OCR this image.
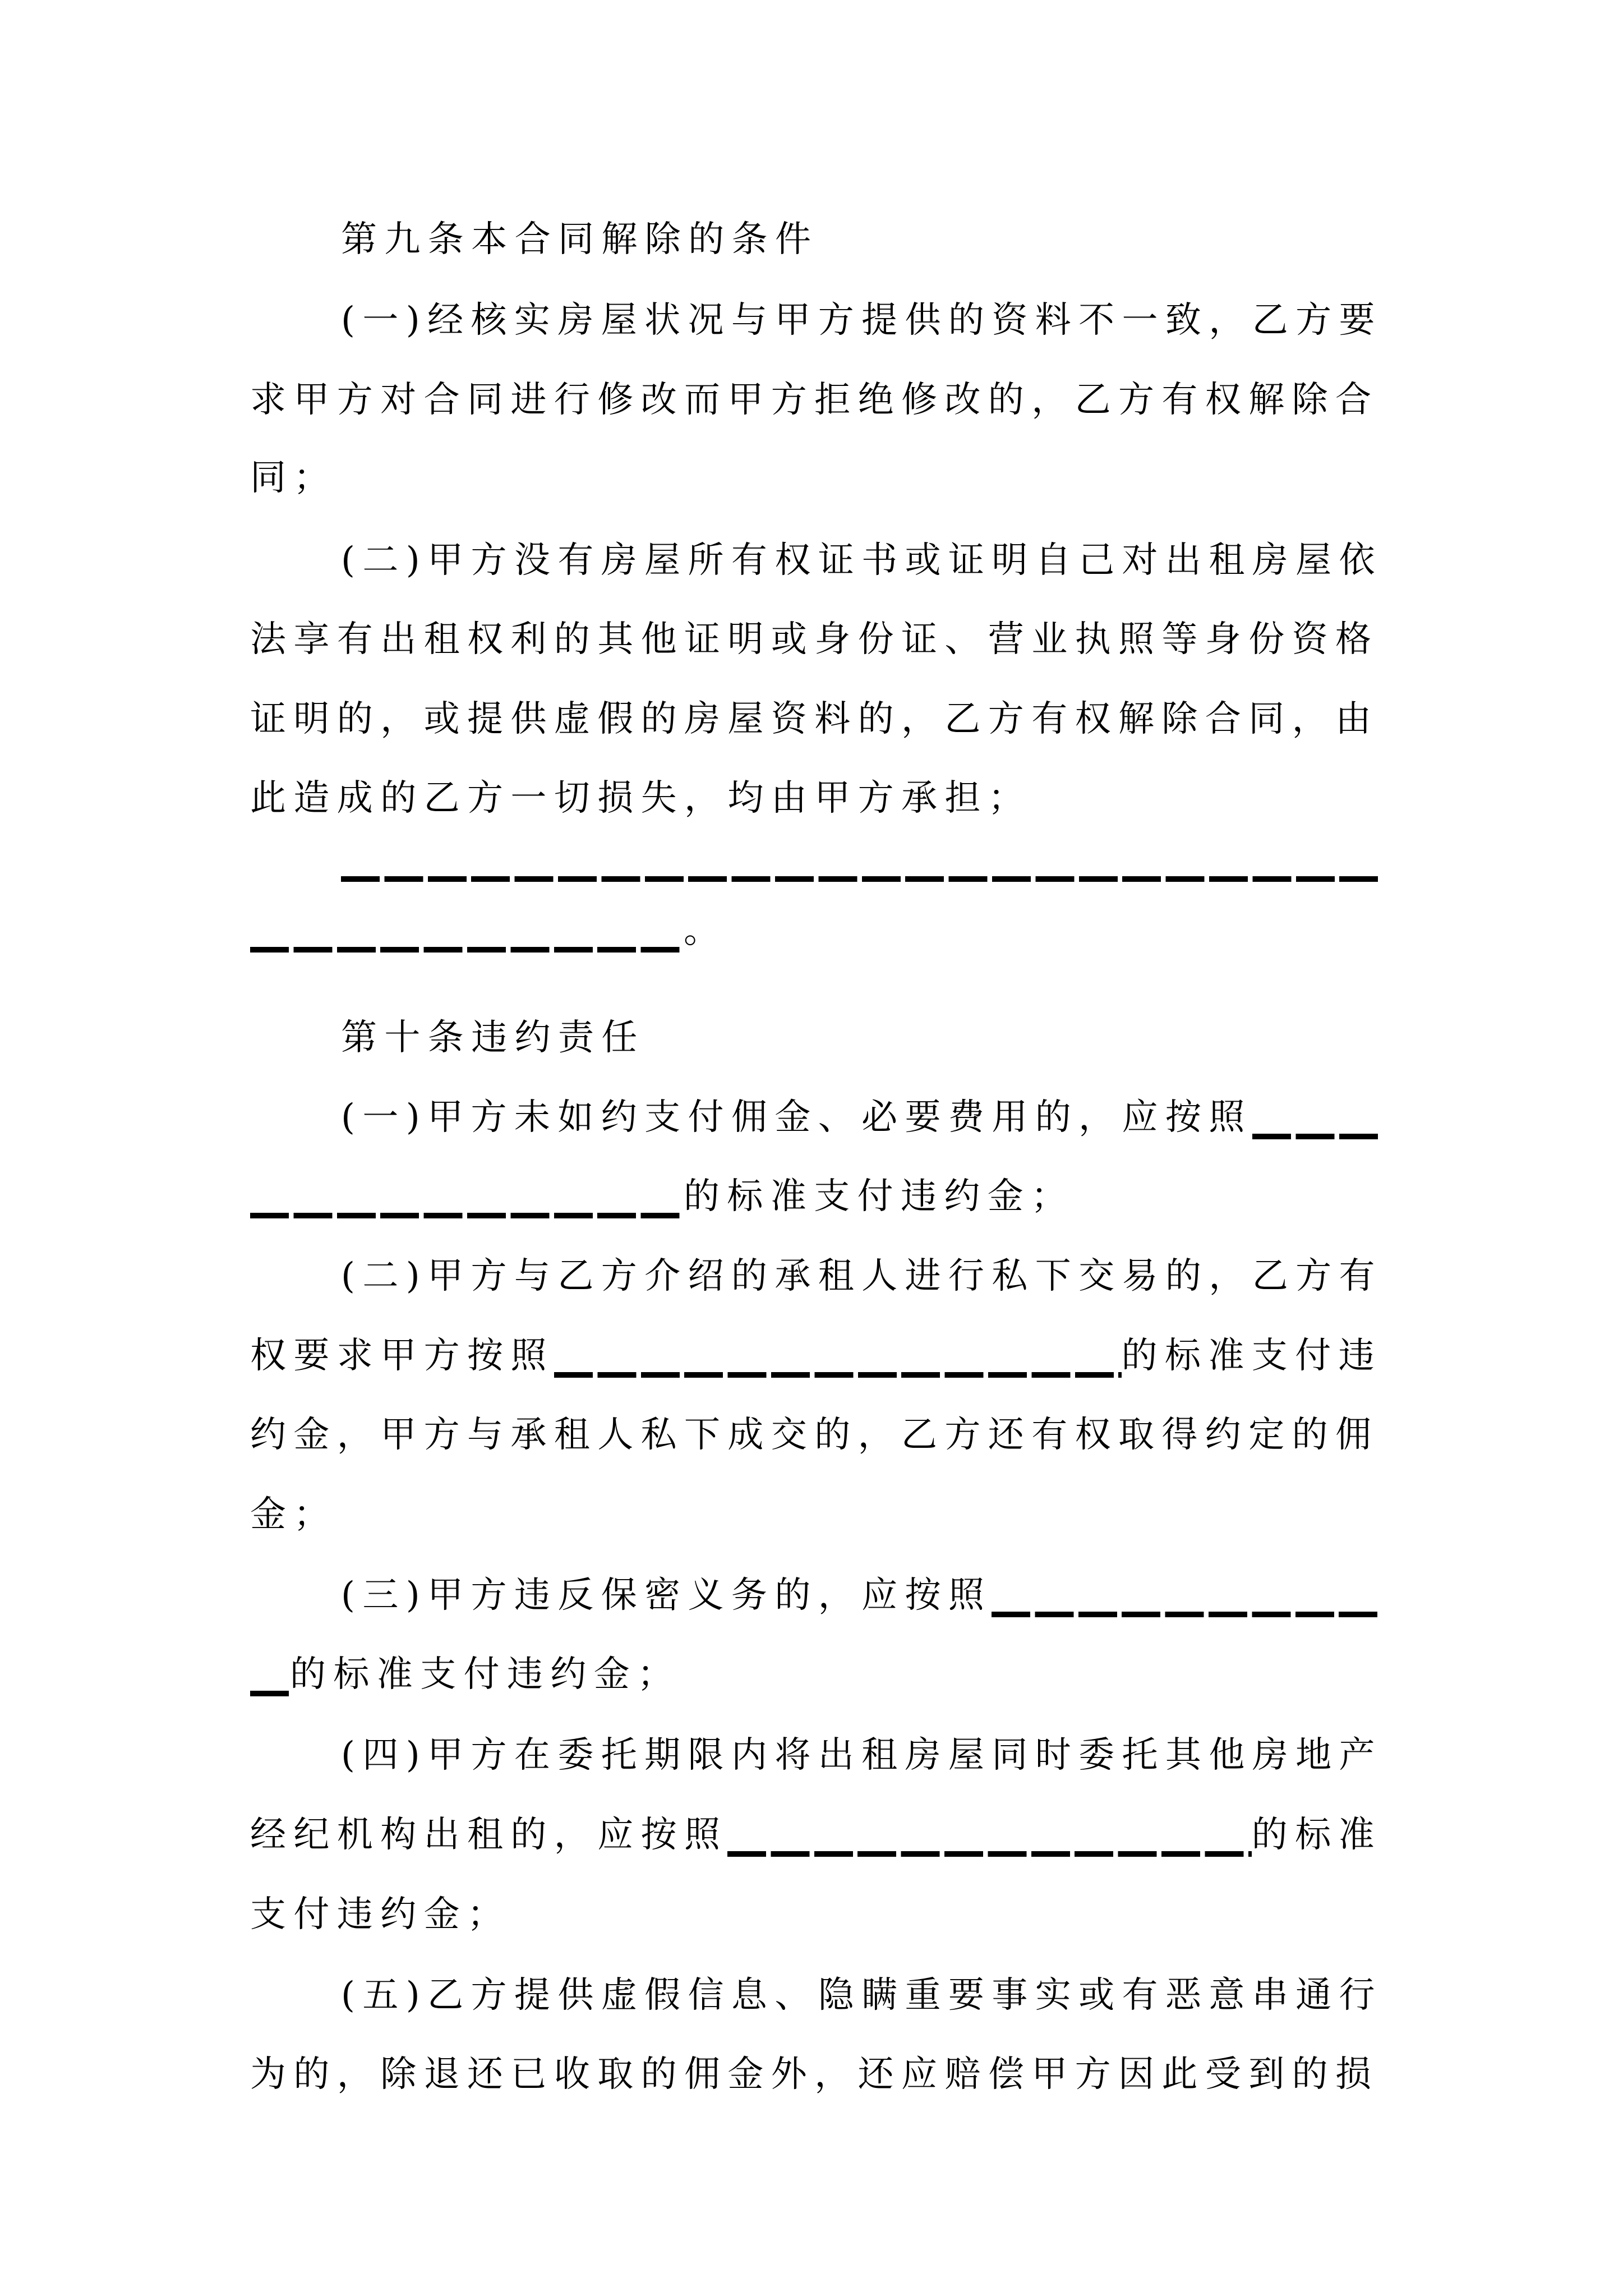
第九条本合同解除的条件
(一)经核实房屋状况与甲方提供的资料不一致，乙方要
求甲方对合同进行修改而甲方拒绝修改的，乙方有权解除合
同；
(二)甲方没有房屋所有权证书或证明自己对出租房屋依
法享有出租权利的其他证明或身份证、营业执照等身份资格
证明的，或提供虚假的房屋资料的，乙方有权解除合同，由
此造成的乙方一切损失，均由甲方承担；
。
第十条违约责任
(一)甲方未如约支付佣金、必要费用的，应按照
的标准支付违约金；
(二)甲方与乙方介绍的承租人进行私下交易的，乙方有
权要求甲方按照	的标准支付违
约金，甲方与承租人私下成交的，乙方还有权取得约定的佣
金；
(三)甲方违反保密义务的，应按照
的标准支付违约金；
(四)甲方在委托期限内将出租房屋同时委托其他房地产
经纪机构出租的，应按照	的标准
支付违约金；
(五)乙方提供虚假信息、隐瞒重要事实或有恶意串通行
为的，除退还已收取的佣金外，还应赔偿甲方因此受到的损
